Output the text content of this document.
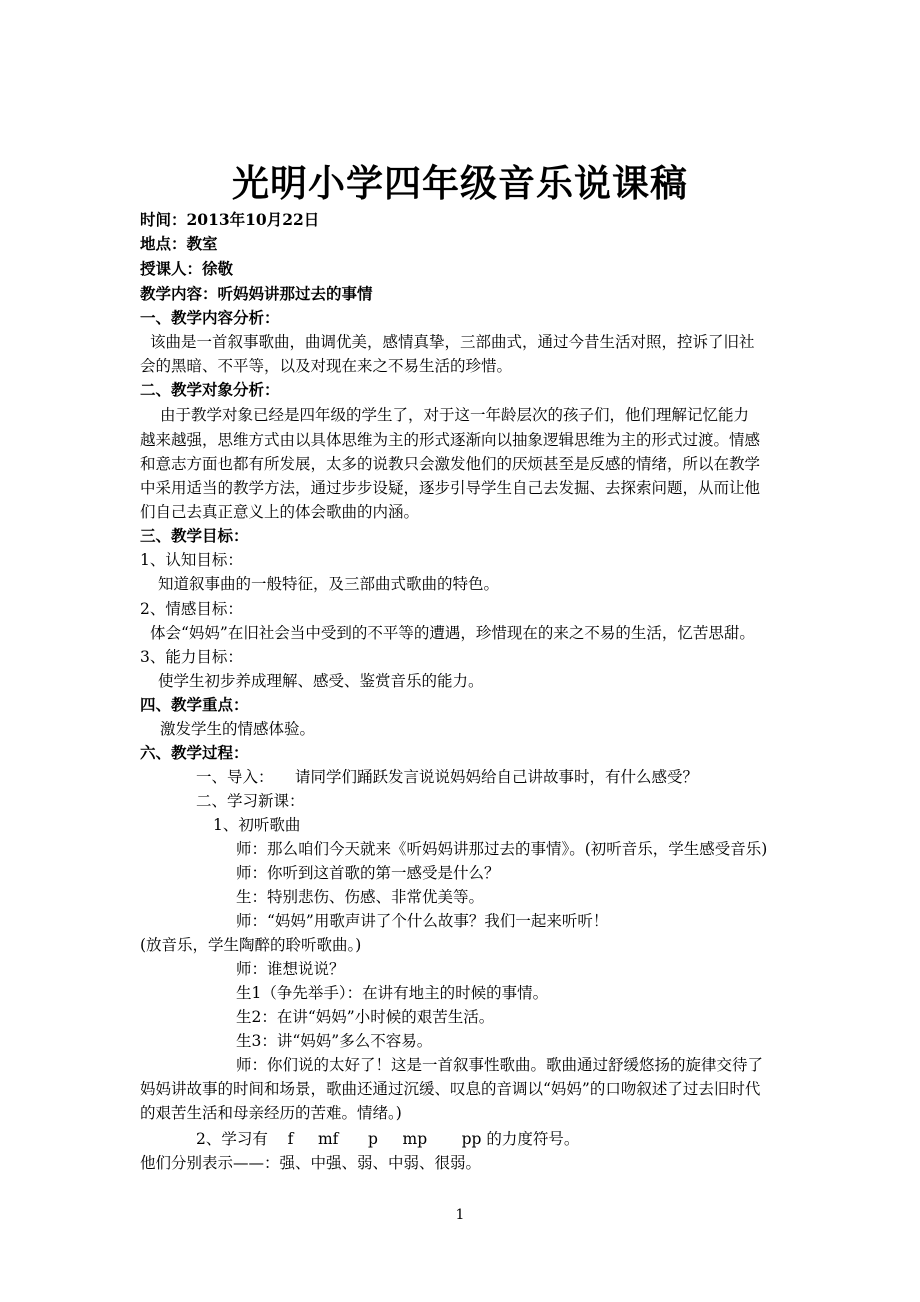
光明小学四年级音乐说课稿
时间：2013年10月22日
地点：教室
授课人：徐敬
教学内容：听妈妈讲那过去的事情
一、教学内容分析：
该曲是一首叙事歌曲，曲调优美，感情真挚，三部曲式，通过今昔生活对照，控诉了旧社
会的黑暗、不平等，以及对现在来之不易生活的珍惜。
二、教学对象分析：
由于教学对象已经是四年级的学生了，对于这一年龄层次的孩子们，他们理解记忆能力
越来越强，思维方式由以具体思维为主的形式逐渐向以抽象逻辑思维为主的形式过渡。情感
和意志方面也都有所发展，太多的说教只会激发他们的厌烦甚至是反感的情绪，所以在教学
中采用适当的教学方法，通过步步设疑，逐步引导学生自己去发掘、去探索问题，从而让他
们自己去真正意义上的体会歌曲的内涵。
三、教学目标：
1、认知目标：
知道叙事曲的一般特征，及三部曲式歌曲的特色。
2、情感目标：
体会“妈妈”在旧社会当中受到的不平等的遭遇，珍惜现在的来之不易的生活，忆苦思甜。
3、能力目标：
使学生初步养成理解、感受、鉴赏音乐的能力。
四、教学重点：
激发学生的情感体验。
六、教学过程：
一、导入： 请同学们踊跃发言说说妈妈给自己讲故事时，有什么感受？
二、学习新课：
1、初听歌曲
师：那么咱们今天就来《听妈妈讲那过去的事情》。(初听音乐，学生感受音乐)
师：你听到这首歌的第一感受是什么？
生：特别悲伤、伤感、非常优美等。
师：“妈妈”用歌声讲了个什么故事？我们一起来听听！
(放音乐，学生陶醉的聆听歌曲。)
师：谁想说说？
生1（争先举手）：在讲有地主的时候的事情。
生2：在讲“妈妈”小时候的艰苦生活。
生3：讲“妈妈”多么不容易。
师：你们说的太好了！这是一首叙事性歌曲。歌曲通过舒缓悠扬的旋律交待了
妈妈讲故事的时间和场景，歌曲还通过沉缓、叹息的音调以“妈妈”的口吻叙述了过去旧时代
的艰苦生活和母亲经历的苦难。情绪。)
2、学习有    f     mf      p     mp       pp 的力度符号。
他们分别表示——：强、中强、弱、中弱、很弱。
1
